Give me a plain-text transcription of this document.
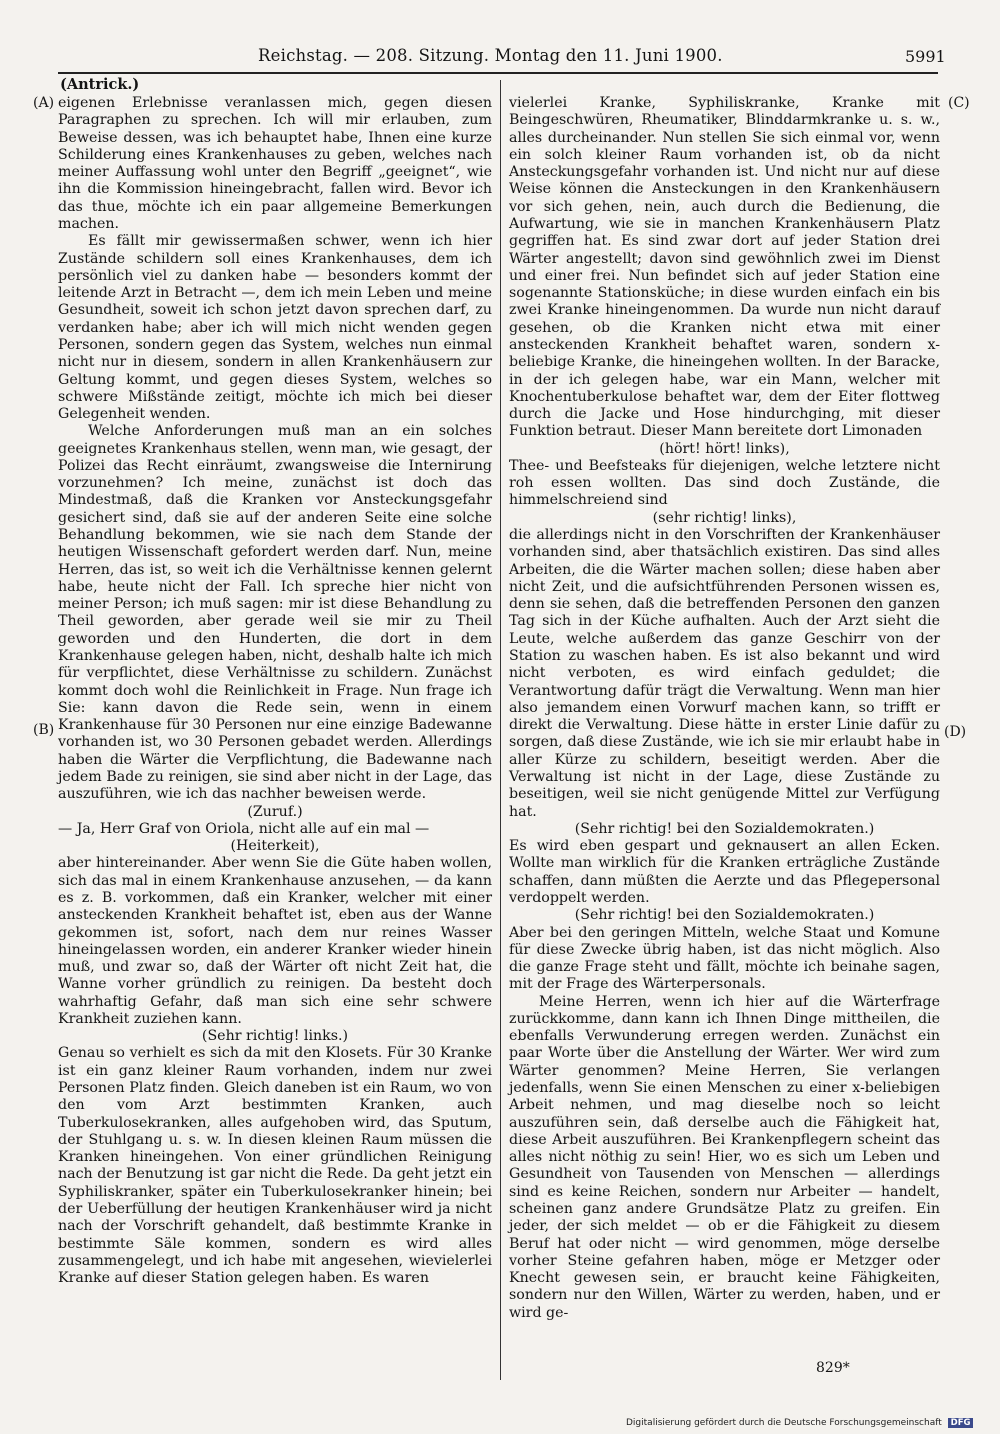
Reichstag. — 208. Sitzung. Montag den 11. Juni 1900.	5991
(Antrick.)
(A)
(B)
(C)
(D)

eigenen Erlebnisse veranlassen mich, gegen diesen Paragraphen zu sprechen. Ich will mir erlauben, zum Beweise dessen, was ich behauptet habe, Ihnen eine kurze Schilderung eines Krankenhauses zu geben, welches nach meiner Auffassung wohl unter den Begriff „geeignet“, wie ihn die Kommission hineingebracht, fallen wird. Bevor ich das thue, möchte ich ein paar allgemeine Bemerkungen machen.

Es fällt mir gewissermaßen schwer, wenn ich hier Zustände schildern soll eines Krankenhauses, dem ich persönlich viel zu danken habe — besonders kommt der leitende Arzt in Betracht —, dem ich mein Leben und meine Gesundheit, soweit ich schon jetzt davon sprechen darf, zu verdanken habe; aber ich will mich nicht wenden gegen Personen, sondern gegen das System, welches nun einmal nicht nur in diesem, sondern in allen Krankenhäusern zur Geltung kommt, und gegen dieses System, welches so schwere Mißstände zeitigt, möchte ich mich bei dieser Gelegenheit wenden.

Welche Anforderungen muß man an ein solches geeignetes Krankenhaus stellen, wenn man, wie gesagt, der Polizei das Recht einräumt, zwangsweise die Internirung vorzunehmen? Ich meine, zunächst ist doch das Mindestmaß, daß die Kranken vor Ansteckungsgefahr gesichert sind, daß sie auf der anderen Seite eine solche Behandlung bekommen, wie sie nach dem Stande der heutigen Wissenschaft gefordert werden darf. Nun, meine Herren, das ist, so weit ich die Verhältnisse kennen gelernt habe, heute nicht der Fall. Ich spreche hier nicht von meiner Person; ich muß sagen: mir ist diese Behandlung zu Theil geworden, aber gerade weil sie mir zu Theil geworden und den Hunderten, die dort in dem Krankenhause gelegen haben, nicht, deshalb halte ich mich für verpflichtet, diese Verhältnisse zu schildern. Zunächst kommt doch wohl die Reinlichkeit in Frage. Nun frage ich Sie: kann davon die Rede sein, wenn in einem Krankenhause für 30 Personen nur eine einzige Badewanne vorhanden ist, wo 30 Personen gebadet werden. Allerdings haben die Wärter die Verpflichtung, die Badewanne nach jedem Bade zu reinigen, sie sind aber nicht in der Lage, das auszuführen, wie ich das nachher beweisen werde.

(Zuruf.)

— Ja, Herr Graf von Oriola, nicht alle auf ein mal —

(Heiterkeit),

aber hintereinander. Aber wenn Sie die Güte haben wollen, sich das mal in einem Krankenhause anzusehen, — da kann es z. B. vorkommen, daß ein Kranker, welcher mit einer ansteckenden Krankheit behaftet ist, eben aus der Wanne gekommen ist, sofort, nach dem nur reines Wasser hineingelassen worden, ein anderer Kranker wieder hinein muß, und zwar so, daß der Wärter oft nicht Zeit hat, die Wanne vorher gründlich zu reinigen. Da besteht doch wahrhaftig Gefahr, daß man sich eine sehr schwere Krankheit zuziehen kann.

(Sehr richtig! links.)

Genau so verhielt es sich da mit den Klosets. Für 30 Kranke ist ein ganz kleiner Raum vorhanden, indem nur zwei Personen Platz finden. Gleich daneben ist ein Raum, wo von den vom Arzt bestimmten Kranken, auch Tuberkulosekranken, alles aufgehoben wird, das Sputum, der Stuhlgang u. s. w. In diesen kleinen Raum müssen die Kranken hineingehen. Von einer gründlichen Reinigung nach der Benutzung ist gar nicht die Rede. Da geht jetzt ein Syphiliskranker, später ein Tuberkulosekranker hinein; bei der Ueberfüllung der heutigen Krankenhäuser wird ja nicht nach der Vorschrift gehandelt, daß bestimmte Kranke in bestimmte Säle kommen, sondern es wird alles zusammengelegt, und ich habe mit angesehen, wievielerlei Kranke auf dieser Station gelegen haben. Es waren

vielerlei Kranke, Syphiliskranke, Kranke mit Beingeschwüren, Rheumatiker, Blinddarmkranke u. s. w., alles durcheinander. Nun stellen Sie sich einmal vor, wenn ein solch kleiner Raum vorhanden ist, ob da nicht Ansteckungsgefahr vorhanden ist. Und nicht nur auf diese Weise können die Ansteckungen in den Krankenhäusern vor sich gehen, nein, auch durch die Bedienung, die Aufwartung, wie sie in manchen Krankenhäusern Platz gegriffen hat. Es sind zwar dort auf jeder Station drei Wärter angestellt; davon sind gewöhnlich zwei im Dienst und einer frei. Nun befindet sich auf jeder Station eine sogenannte Stationsküche; in diese wurden einfach ein bis zwei Kranke hineingenommen. Da wurde nun nicht darauf gesehen, ob die Kranken nicht etwa mit einer ansteckenden Krankheit behaftet waren, sondern x-beliebige Kranke, die hineingehen wollten. In der Baracke, in der ich gelegen habe, war ein Mann, welcher mit Knochentuberkulose behaftet war, dem der Eiter flottweg durch die Jacke und Hose hindurchging, mit dieser Funktion betraut. Dieser Mann bereitete dort Limonaden

(hört! hört! links),

Thee- und Beefsteaks für diejenigen, welche letztere nicht roh essen wollten. Das sind doch Zustände, die himmelschreiend sind

(sehr richtig! links),

die allerdings nicht in den Vorschriften der Krankenhäuser vorhanden sind, aber thatsächlich existiren. Das sind alles Arbeiten, die die Wärter machen sollen; diese haben aber nicht Zeit, und die aufsichtführenden Personen wissen es, denn sie sehen, daß die betreffenden Personen den ganzen Tag sich in der Küche aufhalten. Auch der Arzt sieht die Leute, welche außerdem das ganze Geschirr von der Station zu waschen haben. Es ist also bekannt und wird nicht verboten, es wird einfach geduldet; die Verantwortung dafür trägt die Verwaltung. Wenn man hier also jemandem einen Vorwurf machen kann, so trifft er direkt die Verwaltung. Diese hätte in erster Linie dafür zu sorgen, daß diese Zustände, wie ich sie mir erlaubt habe in aller Kürze zu schildern, beseitigt werden. Aber die Verwaltung ist nicht in der Lage, diese Zustände zu beseitigen, weil sie nicht genügende Mittel zur Verfügung hat.

(Sehr richtig! bei den Sozialdemokraten.)

Es wird eben gespart und geknausert an allen Ecken. Wollte man wirklich für die Kranken erträgliche Zustände schaffen, dann müßten die Aerzte und das Pflegepersonal verdoppelt werden.

(Sehr richtig! bei den Sozialdemokraten.)

Aber bei den geringen Mitteln, welche Staat und Komune für diese Zwecke übrig haben, ist das nicht möglich. Also die ganze Frage steht und fällt, möchte ich beinahe sagen, mit der Frage des Wärterpersonals.

Meine Herren, wenn ich hier auf die Wärterfrage zurückkomme, dann kann ich Ihnen Dinge mittheilen, die ebenfalls Verwunderung erregen werden. Zunächst ein paar Worte über die Anstellung der Wärter. Wer wird zum Wärter genommen? Meine Herren, Sie verlangen jedenfalls, wenn Sie einen Menschen zu einer x-beliebigen Arbeit nehmen, und mag dieselbe noch so leicht auszuführen sein, daß derselbe auch die Fähigkeit hat, diese Arbeit auszuführen. Bei Krankenpflegern scheint das alles nicht nöthig zu sein! Hier, wo es sich um Leben und Gesundheit von Tausenden von Menschen — allerdings sind es keine Reichen, sondern nur Arbeiter — handelt, scheinen ganz andere Grundsätze Platz zu greifen. Ein jeder, der sich meldet — ob er die Fähigkeit zu diesem Beruf hat oder nicht — wird genommen, möge derselbe vorher Steine gefahren haben, möge er Metzger oder Knecht gewesen sein, er braucht keine Fähigkeiten, sondern nur den Willen, Wärter zu werden, haben, und er wird ge-

829*
Digitalisierung gefördert durch die Deutsche Forschungsgemeinschaft DFG
